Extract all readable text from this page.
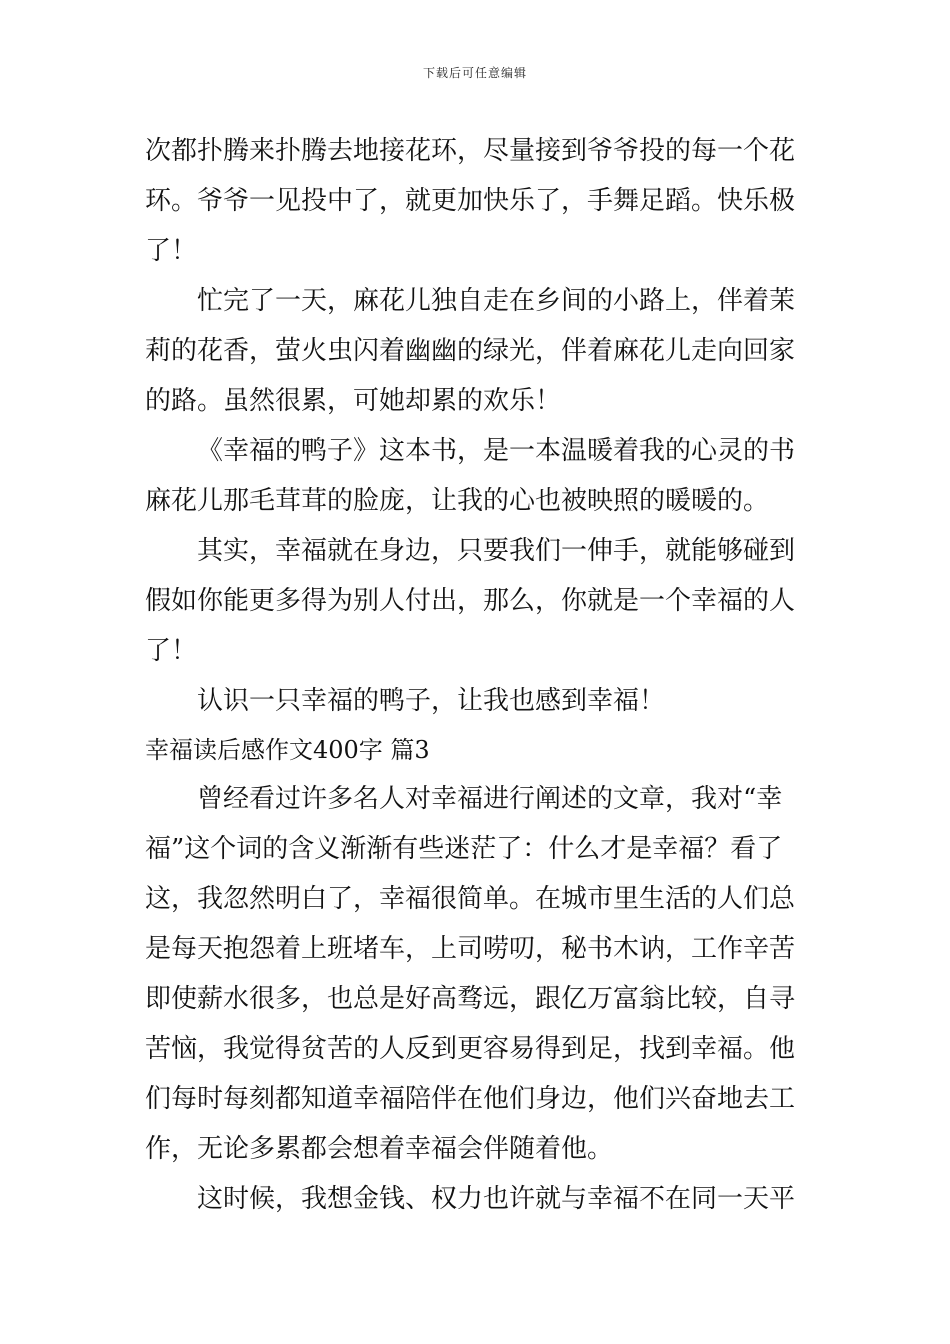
下载后可任意编辑
次都扑腾来扑腾去地接花环，尽量接到爷爷投的每一个花
环。爷爷一见投中了，就更加快乐了，手舞足蹈。快乐极
了！
忙完了一天，麻花儿独自走在乡间的小路上，伴着茉
莉的花香，萤火虫闪着幽幽的绿光，伴着麻花儿走向回家
的路。虽然很累，可她却累的欢乐！
《幸福的鸭子》这本书，是一本温暖着我的心灵的书
麻花儿那毛茸茸的脸庞，让我的心也被映照的暖暖的。
其实，幸福就在身边，只要我们一伸手，就能够碰到
假如你能更多得为别人付出，那么，你就是一个幸福的人
了！
认识一只幸福的鸭子，让我也感到幸福！
幸福读后感作文400字 篇3
曾经看过许多名人对幸福进行阐述的文章，我对“幸
福”这个词的含义渐渐有些迷茫了：什么才是幸福？看了
这，我忽然明白了，幸福很简单。在城市里生活的人们总
是每天抱怨着上班堵车，上司唠叨，秘书木讷，工作辛苦
即使薪水很多，也总是好高骛远，跟亿万富翁比较，自寻
苦恼，我觉得贫苦的人反到更容易得到足，找到幸福。他
们每时每刻都知道幸福陪伴在他们身边，他们兴奋地去工
作，无论多累都会想着幸福会伴随着他。
这时候，我想金钱、权力也许就与幸福不在同一天平
